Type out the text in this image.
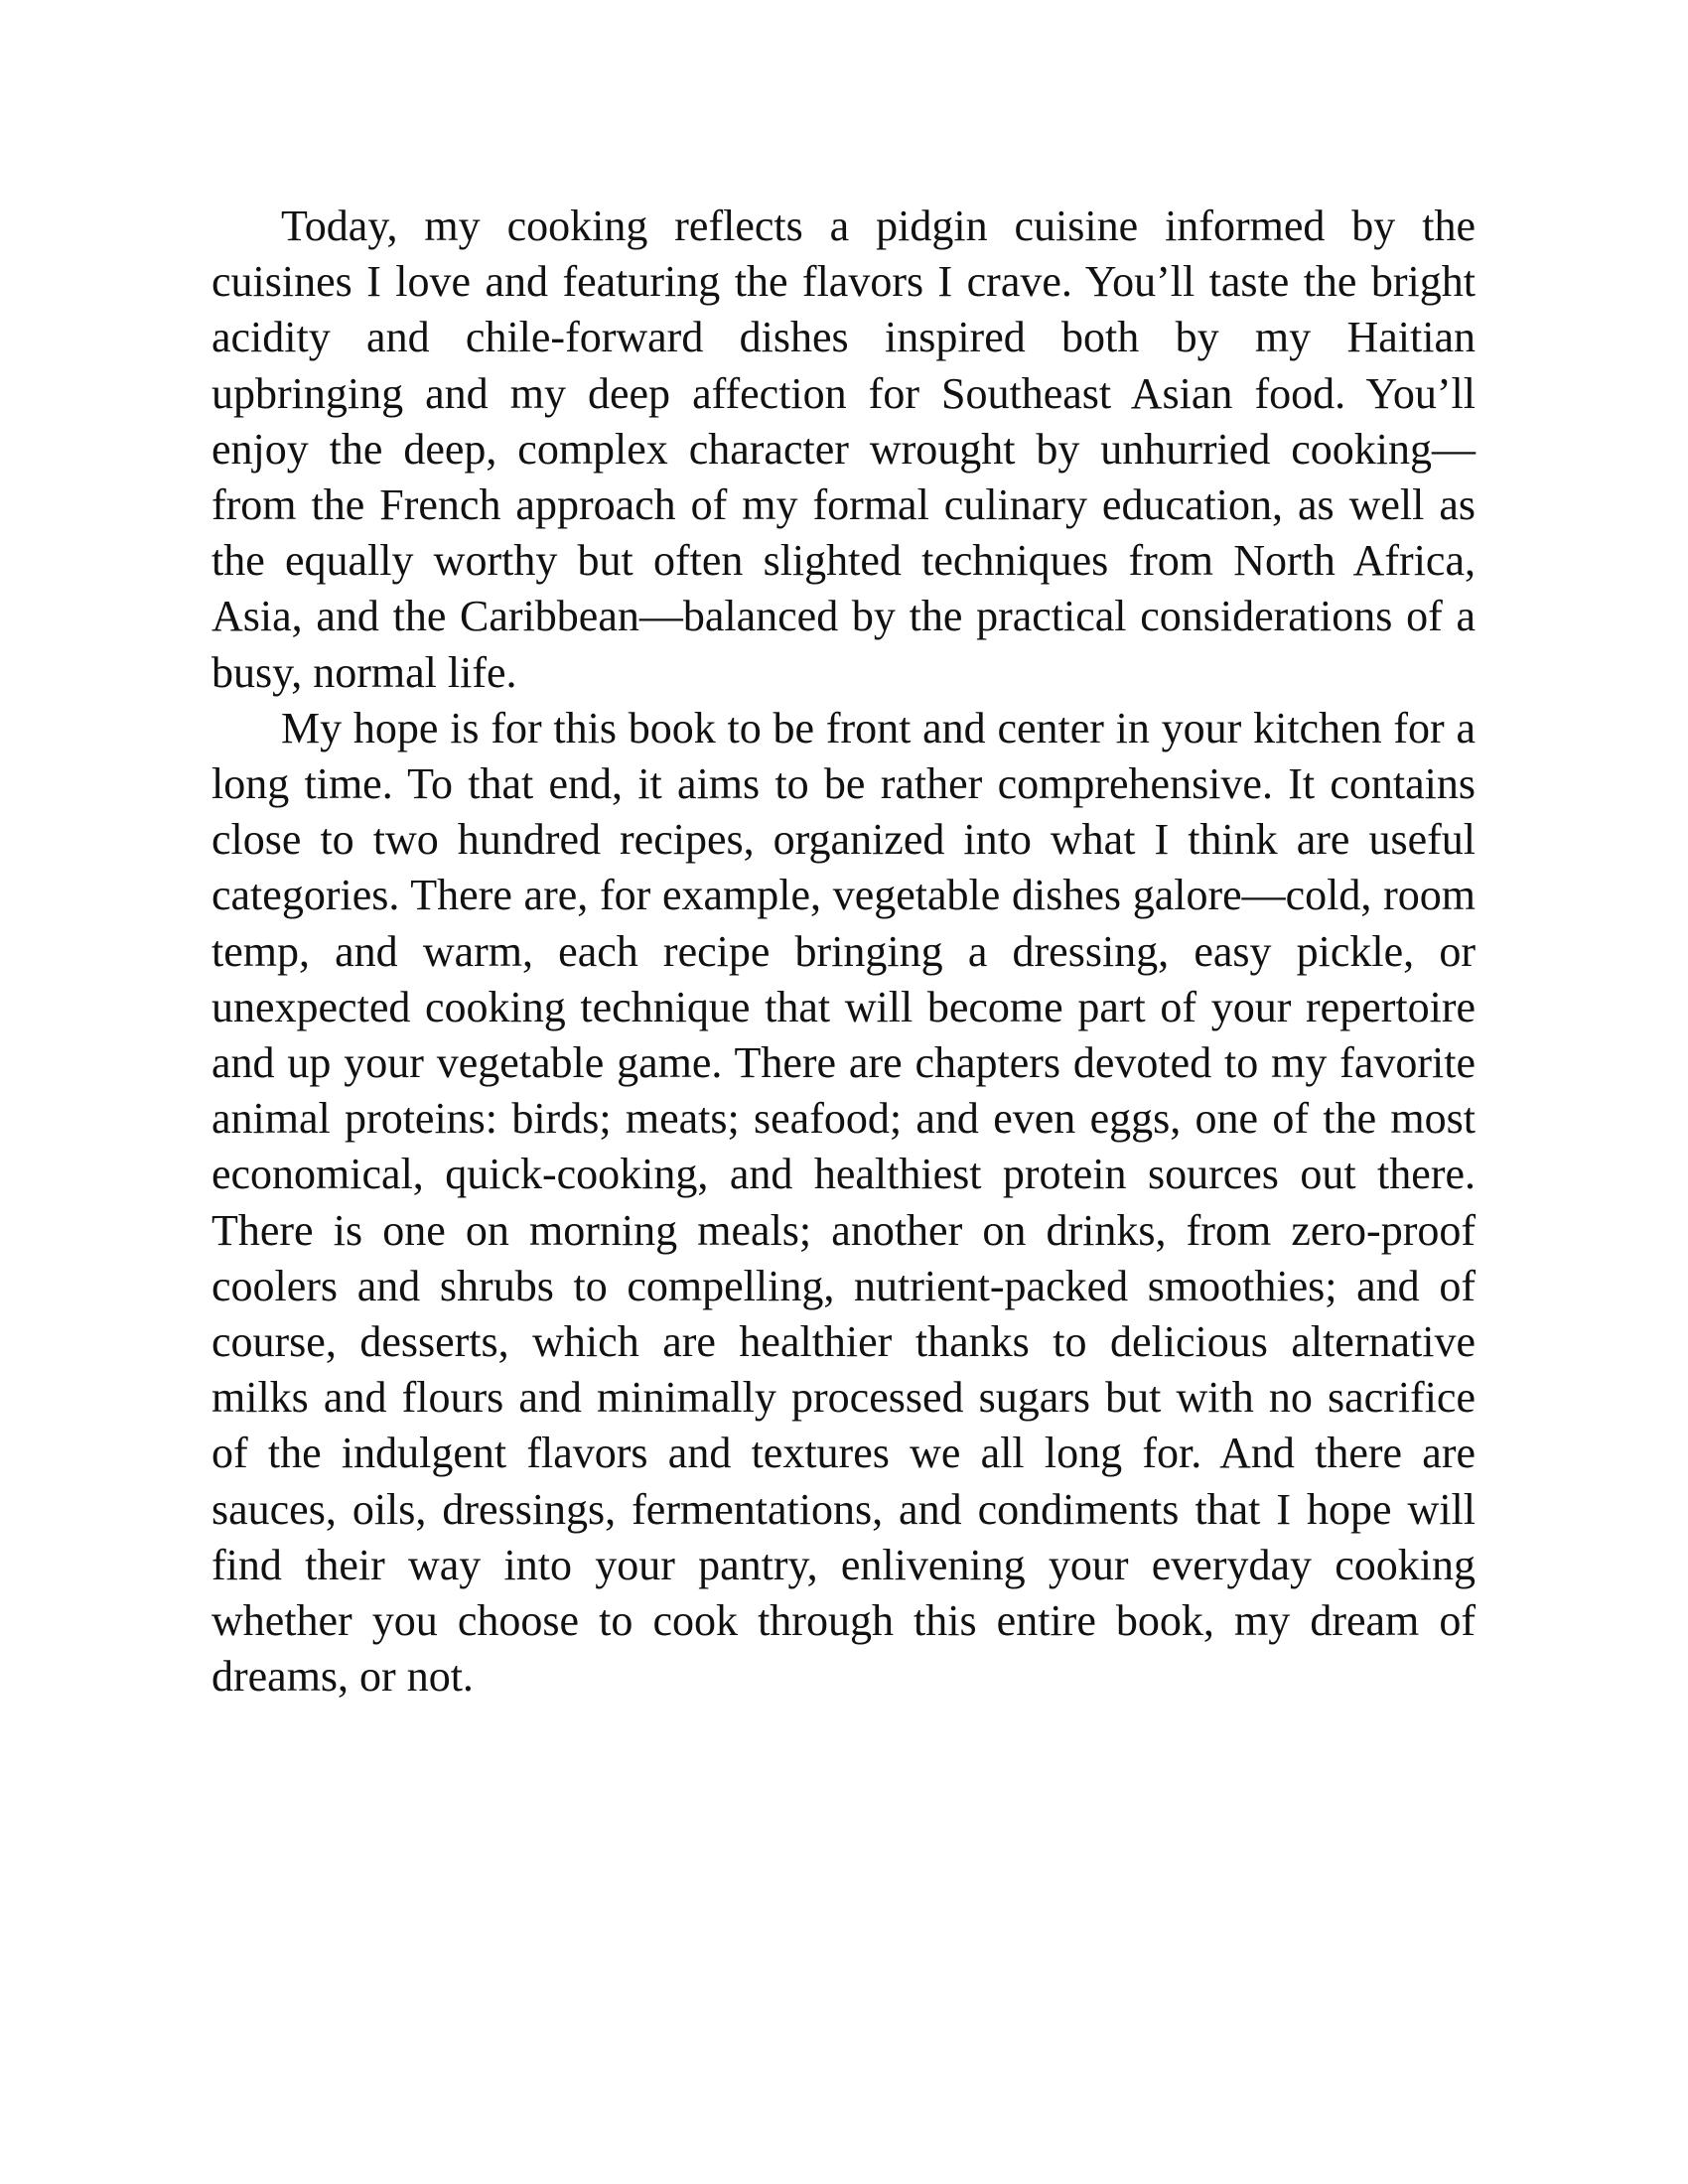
Today, my cooking reflects a pidgin cuisine informed by the cuisines I love and featuring the flavors I crave. You’ll taste the bright acidity and chile-forward dishes inspired both by my Haitian upbringing and my deep affection for Southeast Asian food. You’ll enjoy the deep, complex character wrought by unhurried cooking—from the French approach of my formal culinary education, as well as the equally worthy but often slighted techniques from North Africa, Asia, and the Caribbean—balanced by the practical considerations of a busy, normal life.

My hope is for this book to be front and center in your kitchen for a long time. To that end, it aims to be rather comprehensive. It contains close to two hundred recipes, organized into what I think are useful categories. There are, for example, vegetable dishes galore—cold, room temp, and warm, each recipe bringing a dressing, easy pickle, or unexpected cooking technique that will become part of your repertoire and up your vegetable game. There are chapters devoted to my favorite animal proteins: birds; meats; seafood; and even eggs, one of the most economical, quick-cooking, and healthiest protein sources out there. There is one on morning meals; another on drinks, from zero-proof coolers and shrubs to compelling, nutrient-packed smoothies; and of course, desserts, which are healthier thanks to delicious alternative milks and flours and minimally processed sugars but with no sacrifice of the indulgent flavors and textures we all long for. And there are sauces, oils, dressings, fermentations, and condiments that I hope will find their way into your pantry, enlivening your everyday cooking whether you choose to cook through this entire book, my dream of dreams, or not.
